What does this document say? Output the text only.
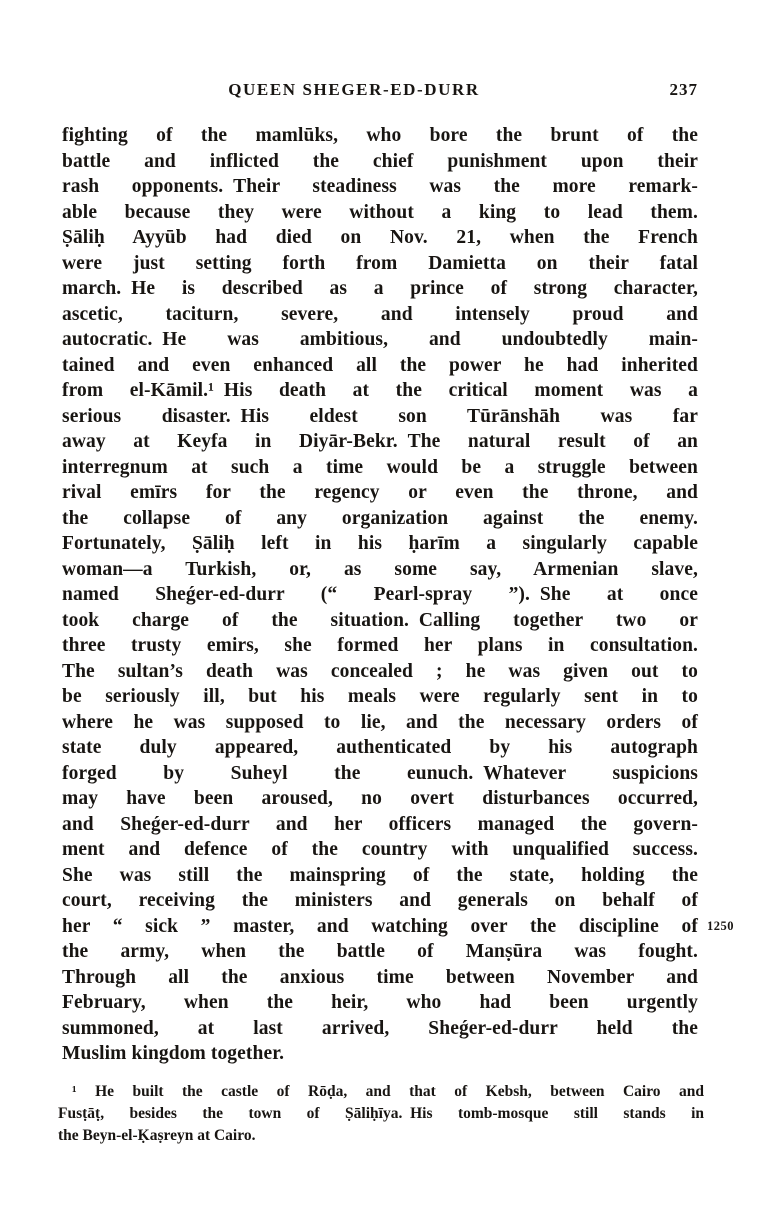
QUEEN SHEGER-ED-DURR	237
fighting of the mamlūks, who bore the brunt of the
battle and inflicted the chief punishment upon their
rash opponents. Their steadiness was the more remark-
able because they were without a king to lead them.
Ṣāliḥ Ayyūb had died on Nov. 21, when the French
were just setting forth from Damietta on their fatal
march. He is described as a prince of strong character,
ascetic, taciturn, severe, and intensely proud and
autocratic. He was ambitious, and undoubtedly main-
tained and even enhanced all the power he had inherited
from el-Kāmil.¹ His death at the critical moment was a
serious disaster. His eldest son Tūrānshāh was far
away at Keyfa in Diyār-Bekr. The natural result of an
interregnum at such a time would be a struggle between
rival emīrs for the regency or even the throne, and
the collapse of any organization against the enemy.
Fortunately, Ṣāliḥ left in his ḥarīm a singularly capable
woman—a Turkish, or, as some say, Armenian slave,
named Sheǵer-ed-durr (“ Pearl-spray ”). She at once
took charge of the situation. Calling together two or
three trusty emirs, she formed her plans in consultation.
The sultan’s death was concealed ; he was given out to
be seriously ill, but his meals were regularly sent in to
where he was supposed to lie, and the necessary orders of
state duly appeared, authenticated by his autograph
forged by Suheyl the eunuch. Whatever suspicions
may have been aroused, no overt disturbances occurred,
and Sheǵer-ed-durr and her officers managed the govern-
ment and defence of the country with unqualified success.
She was still the mainspring of the state, holding the
court, receiving the ministers and generals on behalf of
her “ sick ” master, and watching over the discipline of 1250
the army, when the battle of Manṣūra was fought.
Through all the anxious time between November and
February, when the heir, who had been urgently
summoned, at last arrived, Sheǵer-ed-durr held the
Muslim kingdom together.
¹ He built the castle of Rōḍa, and that of Kebsh, between Cairo and
Fusṭāṭ, besides the town of Ṣāliḥīya. His tomb-mosque still stands in
the Beyn-el-Ḳaṣreyn at Cairo.
